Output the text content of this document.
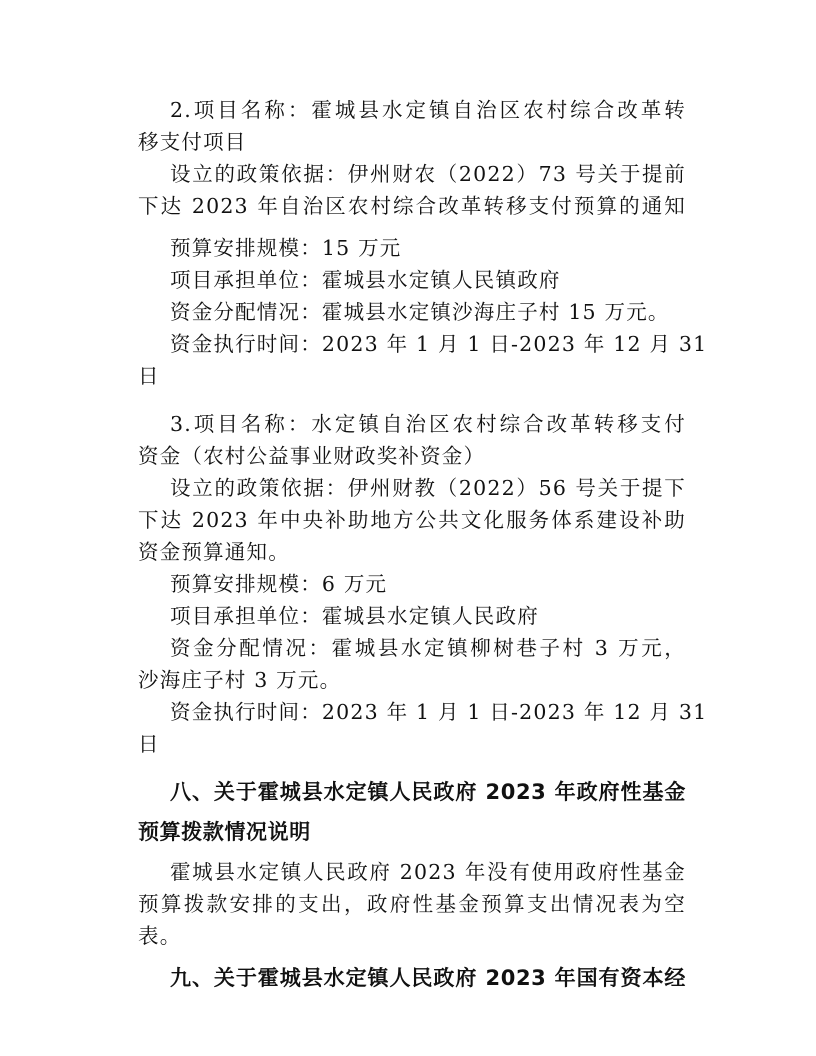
2.项目名称：霍城县水定镇自治区农村综合改革转
移支付项目
设立的政策依据：伊州财农（2022）73 号关于提前
下达 2023 年自治区农村综合改革转移支付预算的通知
预算安排规模：15 万元
项目承担单位：霍城县水定镇人民镇政府
资金分配情况：霍城县水定镇沙海庄子村 15 万元。
资金执行时间：2023 年 1 月 1 日-2023 年 12 月 31
日
3.项目名称：水定镇自治区农村综合改革转移支付
资金（农村公益事业财政奖补资金）
设立的政策依据：伊州财教（2022）56 号关于提下
下达 2023 年中央补助地方公共文化服务体系建设补助
资金预算通知。
预算安排规模：6 万元
项目承担单位：霍城县水定镇人民政府
资金分配情况：霍城县水定镇柳树巷子村 3 万元，
沙海庄子村 3 万元。
资金执行时间：2023 年 1 月 1 日-2023 年 12 月 31
日
八、关于霍城县水定镇人民政府 2023 年政府性基金
预算拨款情况说明
霍城县水定镇人民政府 2023 年没有使用政府性基金
预算拨款安排的支出，政府性基金预算支出情况表为空
表。
九、关于霍城县水定镇人民政府 2023 年国有资本经
